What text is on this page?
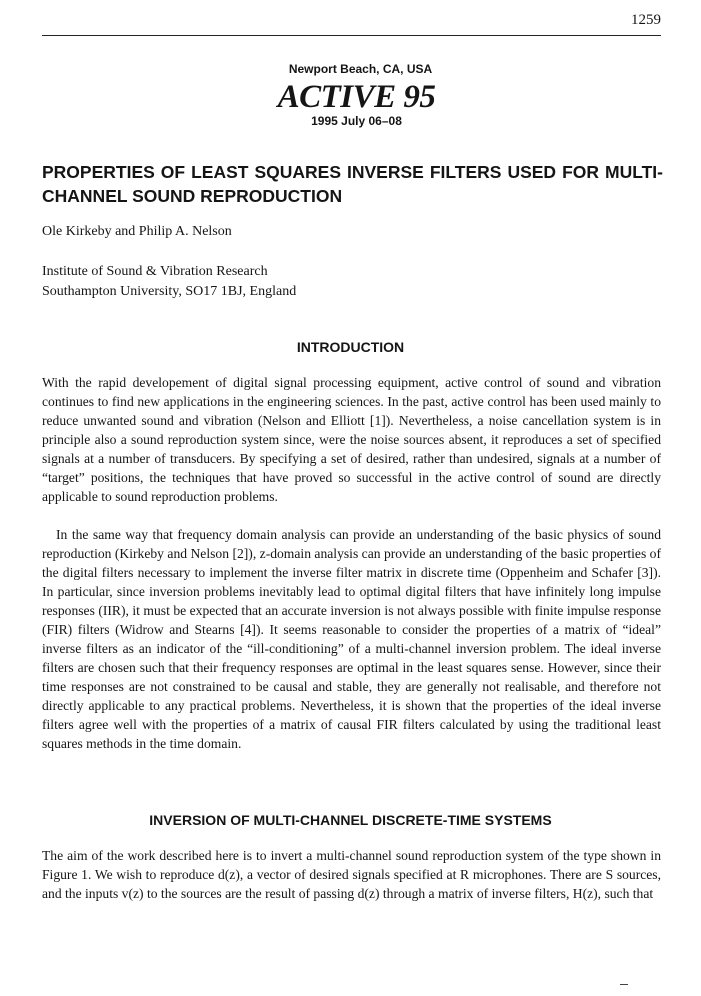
1259
Newport Beach, CA, USA
ACTIVE 95
1995 July 06–08
PROPERTIES OF LEAST SQUARES INVERSE FILTERS USED FOR MULTI-CHANNEL SOUND REPRODUCTION
Ole Kirkeby and Philip A. Nelson
Institute of Sound & Vibration Research
Southampton University, SO17 1BJ, England
INTRODUCTION

With the rapid developement of digital signal processing equipment, active control of sound and vibration continues to find new applications in the engineering sciences. In the past, active control has been used mainly to reduce unwanted sound and vibration (Nelson and Elliott [1]). Nevertheless, a noise cancellation system is in principle also a sound reproduction system since, were the noise sources absent, it reproduces a set of specified signals at a number of transducers. By specifying a set of desired, rather than undesired, signals at a number of “target” positions, the techniques that have proved so successful in the active control of sound are directly applicable to sound reproduction problems.

In the same way that frequency domain analysis can provide an understanding of the basic physics of sound reproduction (Kirkeby and Nelson [2]), z-domain analysis can provide an understanding of the basic properties of the digital filters necessary to implement the inverse filter matrix in discrete time (Oppenheim and Schafer [3]). In particular, since inversion problems inevitably lead to optimal digital filters that have infinitely long impulse responses (IIR), it must be expected that an accurate inversion is not always possible with finite impulse response (FIR) filters (Widrow and Stearns [4]). It seems reasonable to consider the properties of a matrix of “ideal” inverse filters as an indicator of the “ill-conditioning” of a multi-channel inversion problem. The ideal inverse filters are chosen such that their frequency responses are optimal in the least squares sense. However, since their time responses are not constrained to be causal and stable, they are generally not realisable, and therefore not directly applicable to any practical problems. Nevertheless, it is shown that the properties of the ideal inverse filters agree well with the properties of a matrix of causal FIR filters calculated by using the traditional least squares methods in the time domain.

INVERSION OF MULTI-CHANNEL DISCRETE-TIME SYSTEMS

The aim of the work described here is to invert a multi-channel sound reproduction system of the type shown in Figure 1. We wish to reproduce d(z), a vector of desired signals specified at R microphones. There are S sources, and the inputs v(z) to the sources are the result of passing d(z) through a matrix of inverse filters, H(z), such that
